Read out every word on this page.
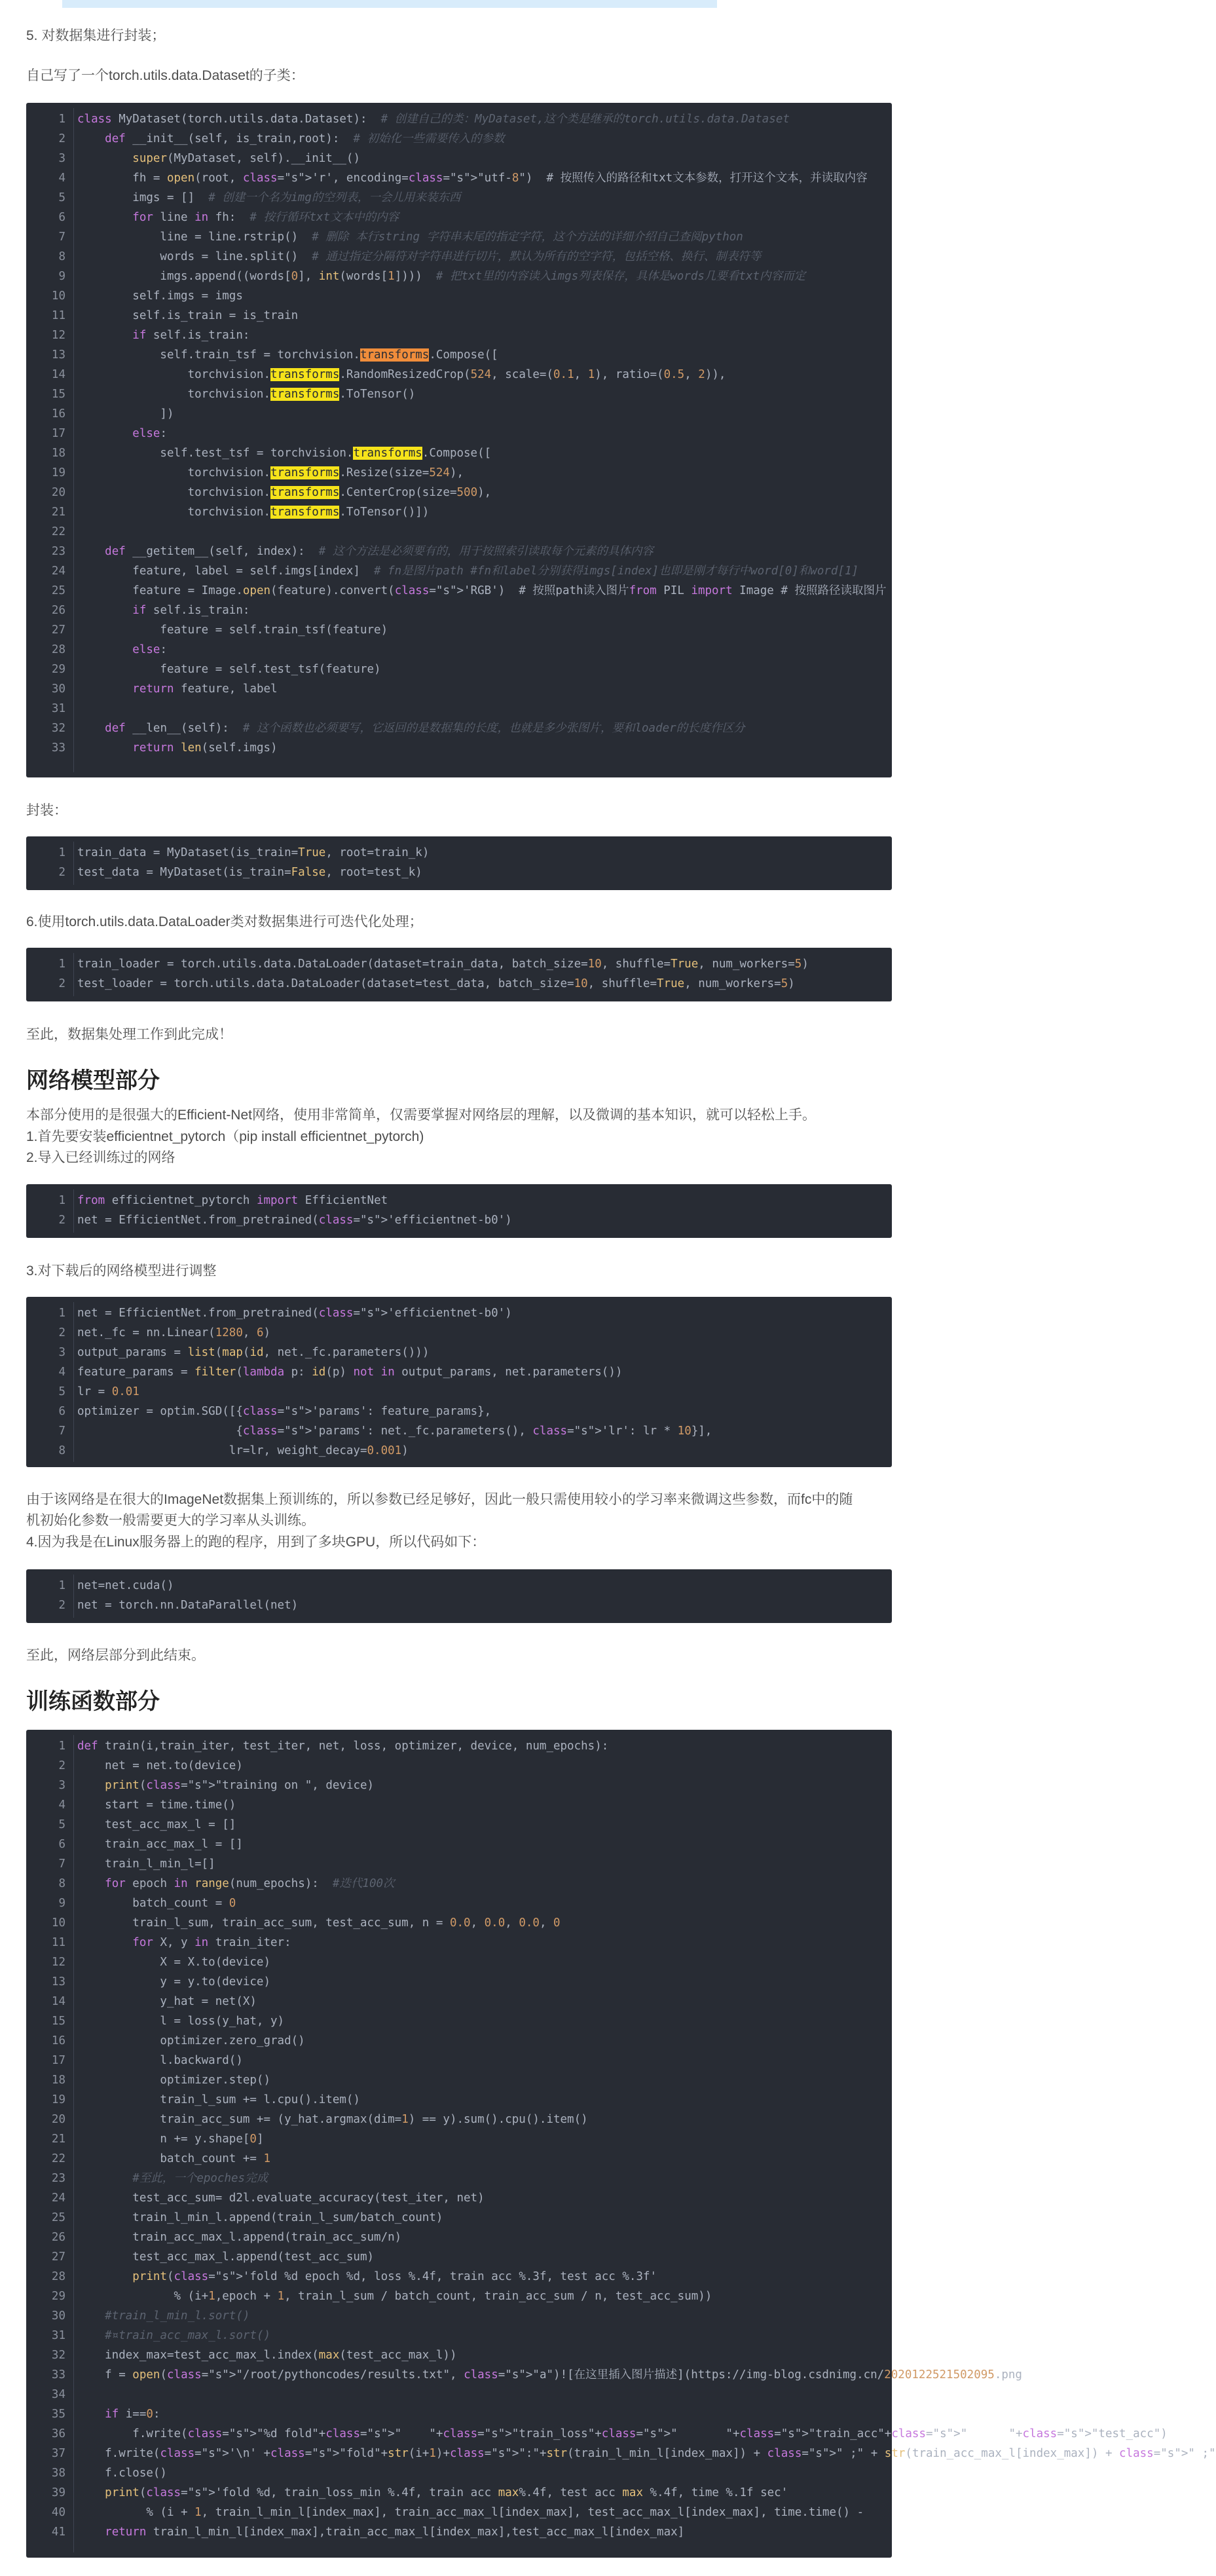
5. 对数据集进行封装；
自己写了一个torch.utils.data.Dataset的子类：
1 class MyDataset(torch.utils.data.Dataset):  # 创建自己的类：MyDataset,这个类是继承的torch.utils.data.Dataset
2	def __init__(self, is_train,root):  # 初始化一些需要传入的参数
3	super(MyDataset, self).__init__()
4 fh = open(root, class="s">'r', encoding=class="s">"utf-8")  # 按照传入的路径和txt文本参数，打开这个文本，并读取内容
5 imgs = []  # 创建一个名为img的空列表，一会儿用来装东西
6	for line in fh:  # 按行循环txt文本中的内容
7 line = line.rstrip()  # 删除 本行string 字符串末尾的指定字符，这个方法的详细介绍自己查阅python
8 words = line.split()  # 通过指定分隔符对字符串进行切片，默认为所有的空字符，包括空格、换行、制表符等
9 imgs.append((words[0], int(words[1])))  # 把txt里的内容读入imgs列表保存，具体是words几要看txt内容而定
10 self.imgs = imgs
11 self.is_train = is_train
12	if self.is_train:
13 self.train_tsf = torchvision.transforms.Compose([
14 torchvision.transforms.RandomResizedCrop(524, scale=(0.1, 1), ratio=(0.5, 2)),
15 torchvision.transforms.ToTensor()
16 ])
17	else:
18 self.test_tsf = torchvision.transforms.Compose([
19 torchvision.transforms.Resize(size=524),
20 torchvision.transforms.CenterCrop(size=500),
21 torchvision.transforms.ToTensor()])
22
23	def __getitem__(self, index):  # 这个方法是必须要有的，用于按照索引读取每个元素的具体内容
24 feature, label = self.imgs[index]  # fn是图片path #fn和label分别获得imgs[index]也即是刚才每行中word[0]和word[1]
25 feature = Image.open(feature).convert(class="s">'RGB')  # 按照path读入图片from PIL import Image # 按照路径读取图片
26	if self.is_train:
27 feature = self.train_tsf(feature)
28	else:
29 feature = self.test_tsf(feature)
30	return feature, label
31
32	def __len__(self):  # 这个函数也必须要写，它返回的是数据集的长度，也就是多少张图片，要和loader的长度作区分
33	return len(self.imgs)
封装：
1 train_data = MyDataset(is_train=True, root=train_k)
2 test_data = MyDataset(is_train=False, root=test_k)
6.使用torch.utils.data.DataLoader类对数据集进行可迭代化处理；
1 train_loader = torch.utils.data.DataLoader(dataset=train_data, batch_size=10, shuffle=True, num_workers=5)
2 test_loader = torch.utils.data.DataLoader(dataset=test_data, batch_size=10, shuffle=True, num_workers=5)
至此，数据集处理工作到此完成！
网络模型部分
本部分使用的是很强大的Efficient-Net网络，使用非常简单，仅需要掌握对网络层的理解，以及微调的基本知识，就可以轻松上手。
1.首先要安装efficientnet_pytorch（pip install efficientnet_pytorch)
2.导入已经训练过的网络
1 from efficientnet_pytorch import EfficientNet
2 net = EfficientNet.from_pretrained(class="s">'efficientnet-b0')
3.对下载后的网络模型进行调整
1 net = EfficientNet.from_pretrained(class="s">'efficientnet-b0')
2 net._fc = nn.Linear(1280, 6)
3 output_params = list(map(id, net._fc.parameters()))
4 feature_params = filter(lambda p: id(p) not in output_params, net.parameters())
5 lr = 0.01
6 optimizer = optim.SGD([{class="s">'params': feature_params},
7 {class="s">'params': net._fc.parameters(), class="s">'lr': lr * 10}],
8 lr=lr, weight_decay=0.001)
由于该网络是在很大的ImageNet数据集上预训练的，所以参数已经足够好，因此一般只需使用较小的学习率来微调这些参数，而fc中的随
机初始化参数一般需要更大的学习率从头训练。
4.因为我是在Linux服务器上的跑的程序，用到了多块GPU，所以代码如下：
1 net=net.cuda()
2 net = torch.nn.DataParallel(net)
至此，网络层部分到此结束。
训练函数部分
1 def train(i,train_iter, test_iter, net, loss, optimizer, device, num_epochs):
2 net = net.to(device)
3	print(class="s">"training on ", device)
4 start = time.time()
5 test_acc_max_l = []
6 train_acc_max_l = []
7 train_l_min_l=[]
8	for epoch in range(num_epochs):  #迭代100次
9 batch_count = 0
10 train_l_sum, train_acc_sum, test_acc_sum, n = 0.0, 0.0, 0.0, 0
11	for X, y in train_iter:
12 X = X.to(device)
13 y = y.to(device)
14 y_hat = net(X)
15 l = loss(y_hat, y)
16 optimizer.zero_grad()
17 l.backward()
18 optimizer.step()
19 train_l_sum += l.cpu().item()
20 train_acc_sum += (y_hat.argmax(dim=1) == y).sum().cpu().item()
21 n += y.shape[0]
22 batch_count += 1
23	#至此，一个epoches完成
24 test_acc_sum= d2l.evaluate_accuracy(test_iter, net)
25 train_l_min_l.append(train_l_sum/batch_count)
26 train_acc_max_l.append(train_acc_sum/n)
27 test_acc_max_l.append(test_acc_sum)
28	print(class="s">'fold %d epoch %d, loss %.4f, train acc %.3f, test acc %.3f'
29 % (i+1,epoch + 1, train_l_sum / batch_count, train_acc_sum / n, test_acc_sum))
30	#train_l_min_l.sort()
31	#¤train_acc_max_l.sort()
32 index_max=test_acc_max_l.index(max(test_acc_max_l))
33 f = open(class="s">"/root/pythoncodes/results.txt", class="s">"a")![在这里插入图片描述](https://img-blog.csdnimg.cn/2020122521502095.png
34
35	if i==0:
36 f.write(class="s">"%d fold"+class="s">"    "+class="s">"train_loss"+class="s">"       "+class="s">"train_acc"+class="s">"      "+class="s">"test_acc")
37 f.write(class="s">'\n' +class="s">"fold"+str(i+1)+class="s">":"+str(train_l_min_l[index_max]) + class="s">" ;" + str(train_acc_max_l[index_max]) + class="s">" ;"
38 f.close()
39	print(class="s">'fold %d, train_loss_min %.4f, train acc max%.4f, test acc max %.4f, time %.1f sec'
40 % (i + 1, train_l_min_l[index_max], train_acc_max_l[index_max], test_acc_max_l[index_max], time.time() -
41	return train_l_min_l[index_max],train_acc_max_l[index_max],test_acc_max_l[index_max]
